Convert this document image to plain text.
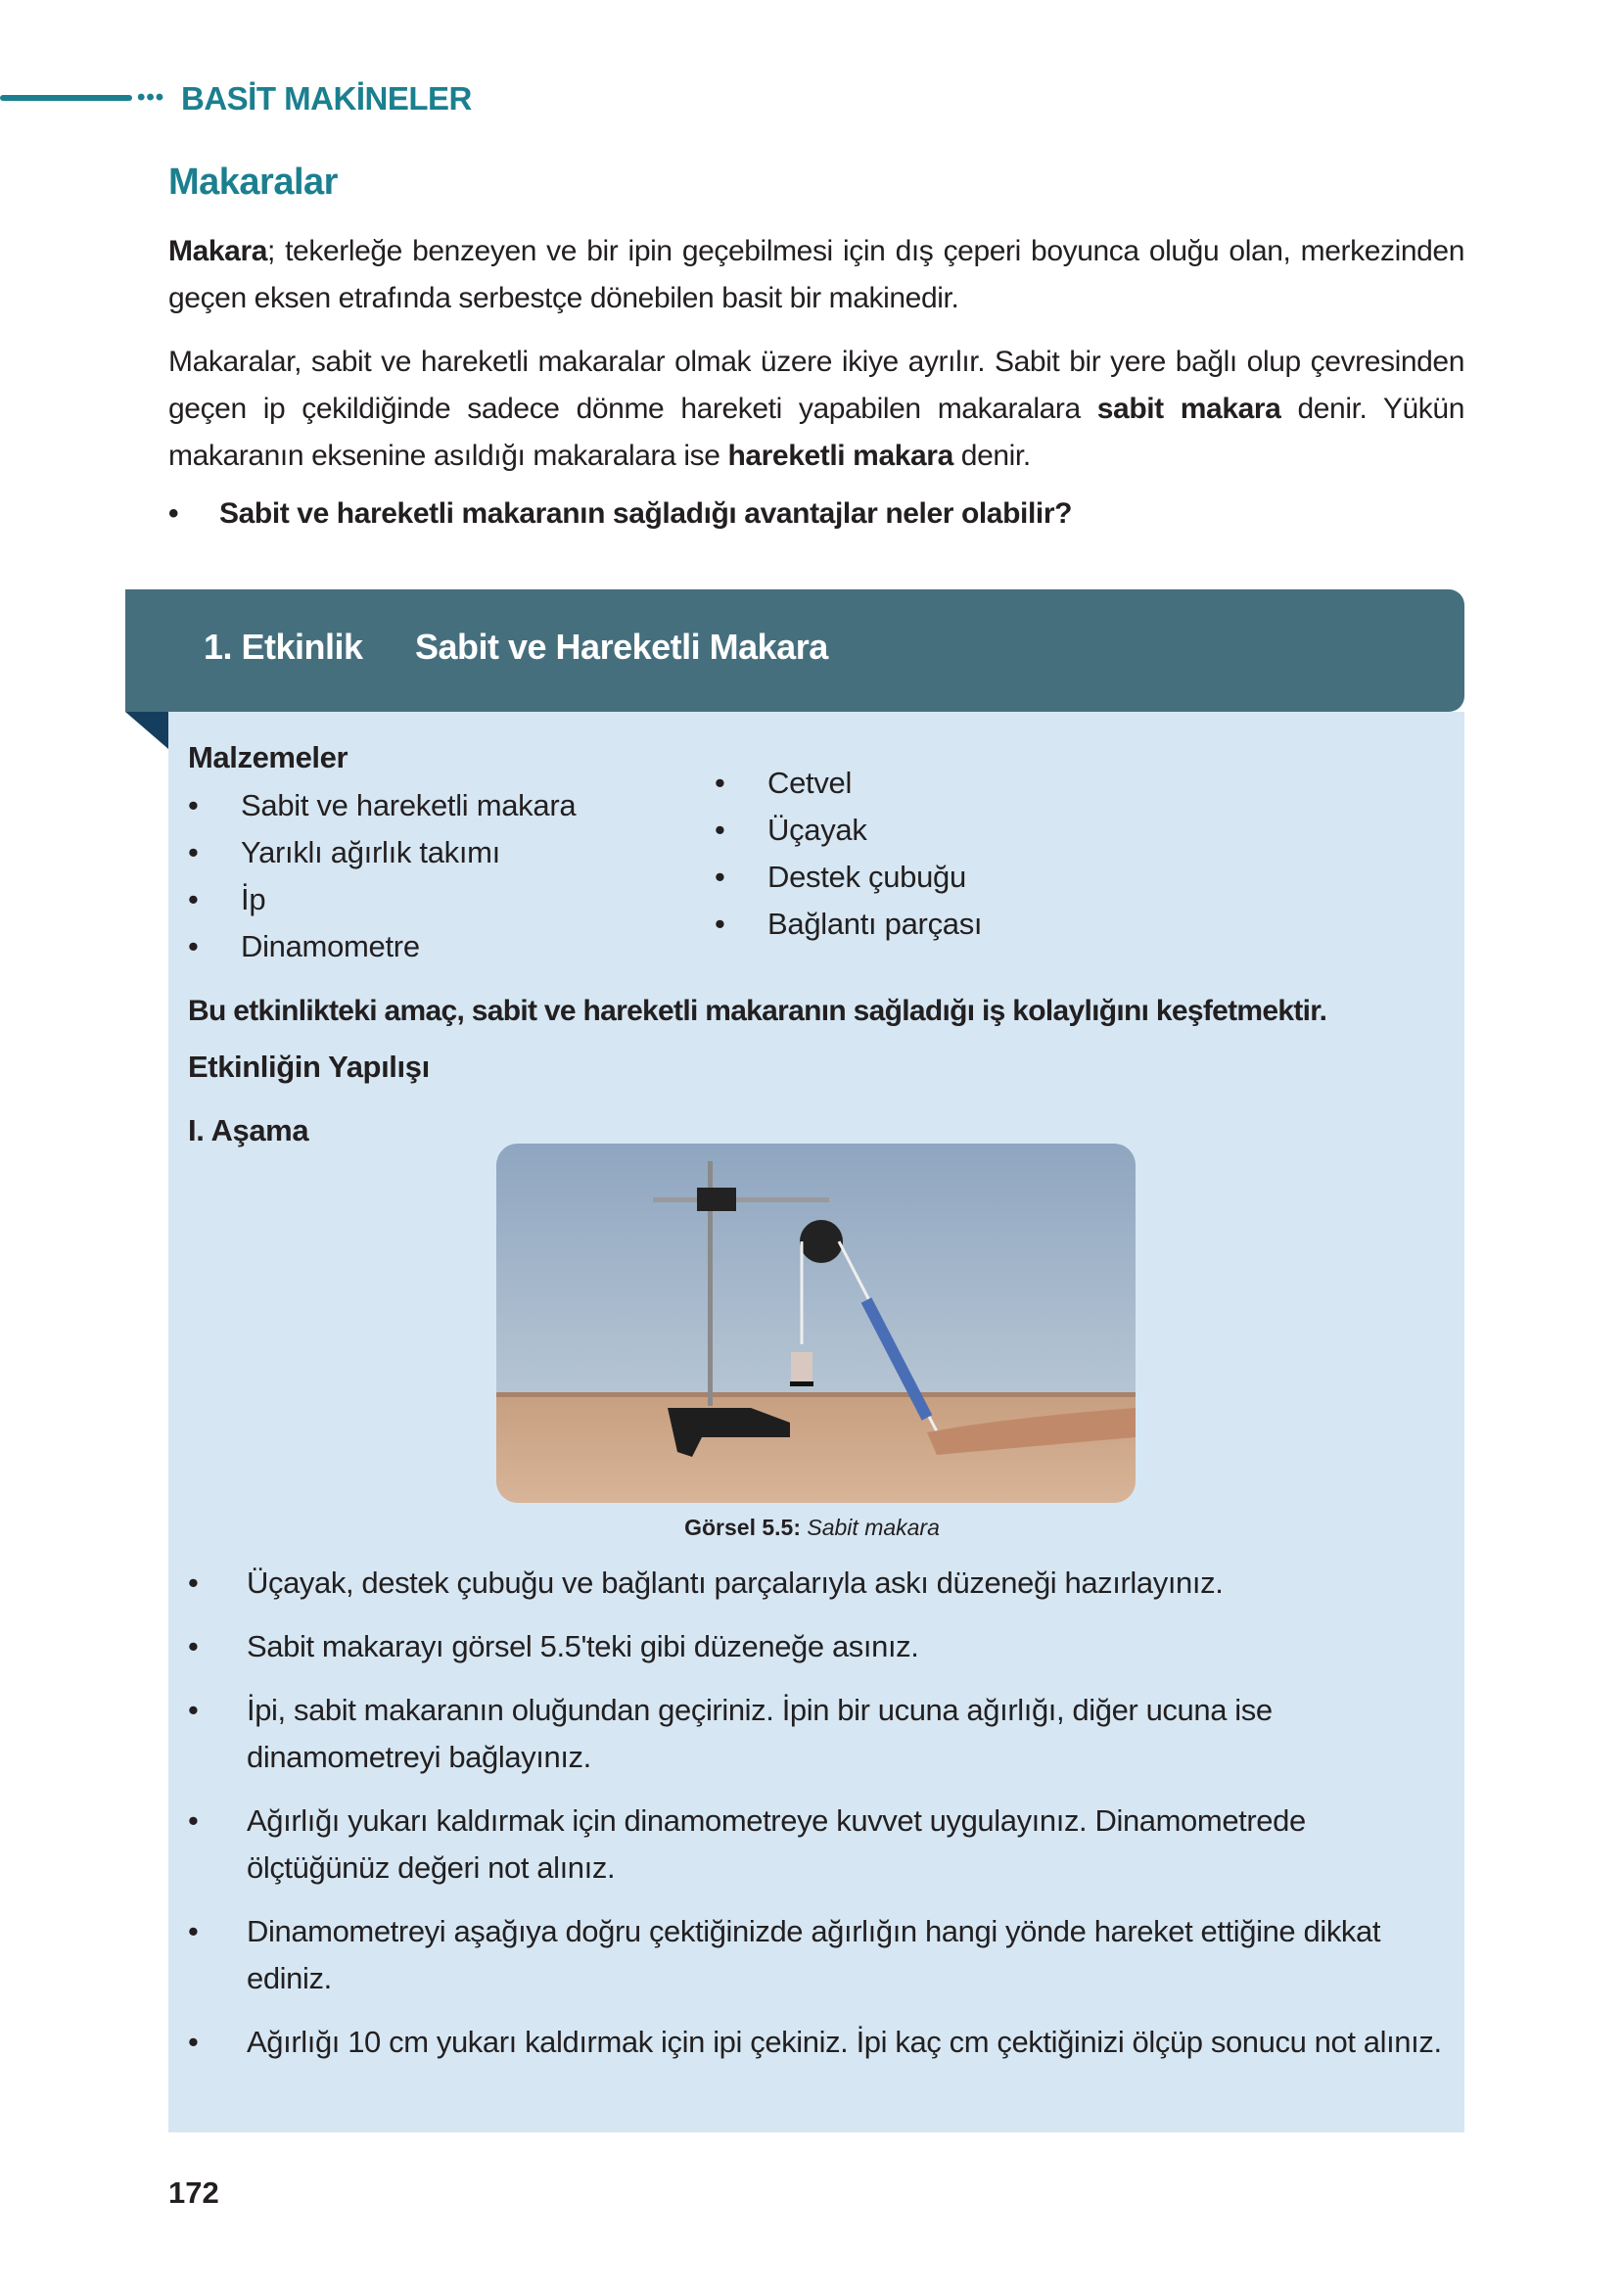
••• BASİT MAKİNELER
Makaralar

Makara; tekerleğe benzeyen ve bir ipin geçebilmesi için dış çeperi boyunca oluğu olan, merkezinden geçen eksen etrafında serbestçe dönebilen basit bir makinedir.

Makaralar, sabit ve hareketli makaralar olmak üzere ikiye ayrılır. Sabit bir yere bağlı olup çevresinden geçen ip çekildiğinde sadece dönme hareketi yapabilen makaralara sabit makara denir. Yükün makaranın eksenine asıldığı makaralara ise hareketli makara denir.

•	Sabit ve hareketli makaranın sağladığı avantajlar neler olabilir?
1. Etkinlik Sabit ve Hareketli Makara
Malzemeler
•	Sabit ve hareketli makara
•	Yarıklı ağırlık takımı
•	İp
•	Dinamometre
•	Cetvel
•	Üçayak
•	Destek çubuğu
•	Bağlantı parçası
Bu etkinlikteki amaç, sabit ve hareketli makaranın sağladığı iş kolaylığını keşfetmektir.
Etkinliğin Yapılışı
I. Aşama
Görsel 5.5: Sabit makara
•	Üçayak, destek çubuğu ve bağlantı parçalarıyla askı düzeneği hazırlayınız.
•	Sabit makarayı görsel 5.5'teki gibi düzeneğe asınız.
•	İpi, sabit makaranın oluğundan geçiriniz. İpin bir ucuna ağırlığı, diğer ucuna ise dinamometreyi bağlayınız.
•	Ağırlığı yukarı kaldırmak için dinamometreye kuvvet uygulayınız. Dinamometrede ölçtüğünüz değeri not alınız.
•	Dinamometreyi aşağıya doğru çektiğinizde ağırlığın hangi yönde hareket ettiğine dikkat ediniz.
•	Ağırlığı 10 cm yukarı kaldırmak için ipi çekiniz. İpi kaç cm çektiğinizi ölçüp sonucu not alınız.
172
